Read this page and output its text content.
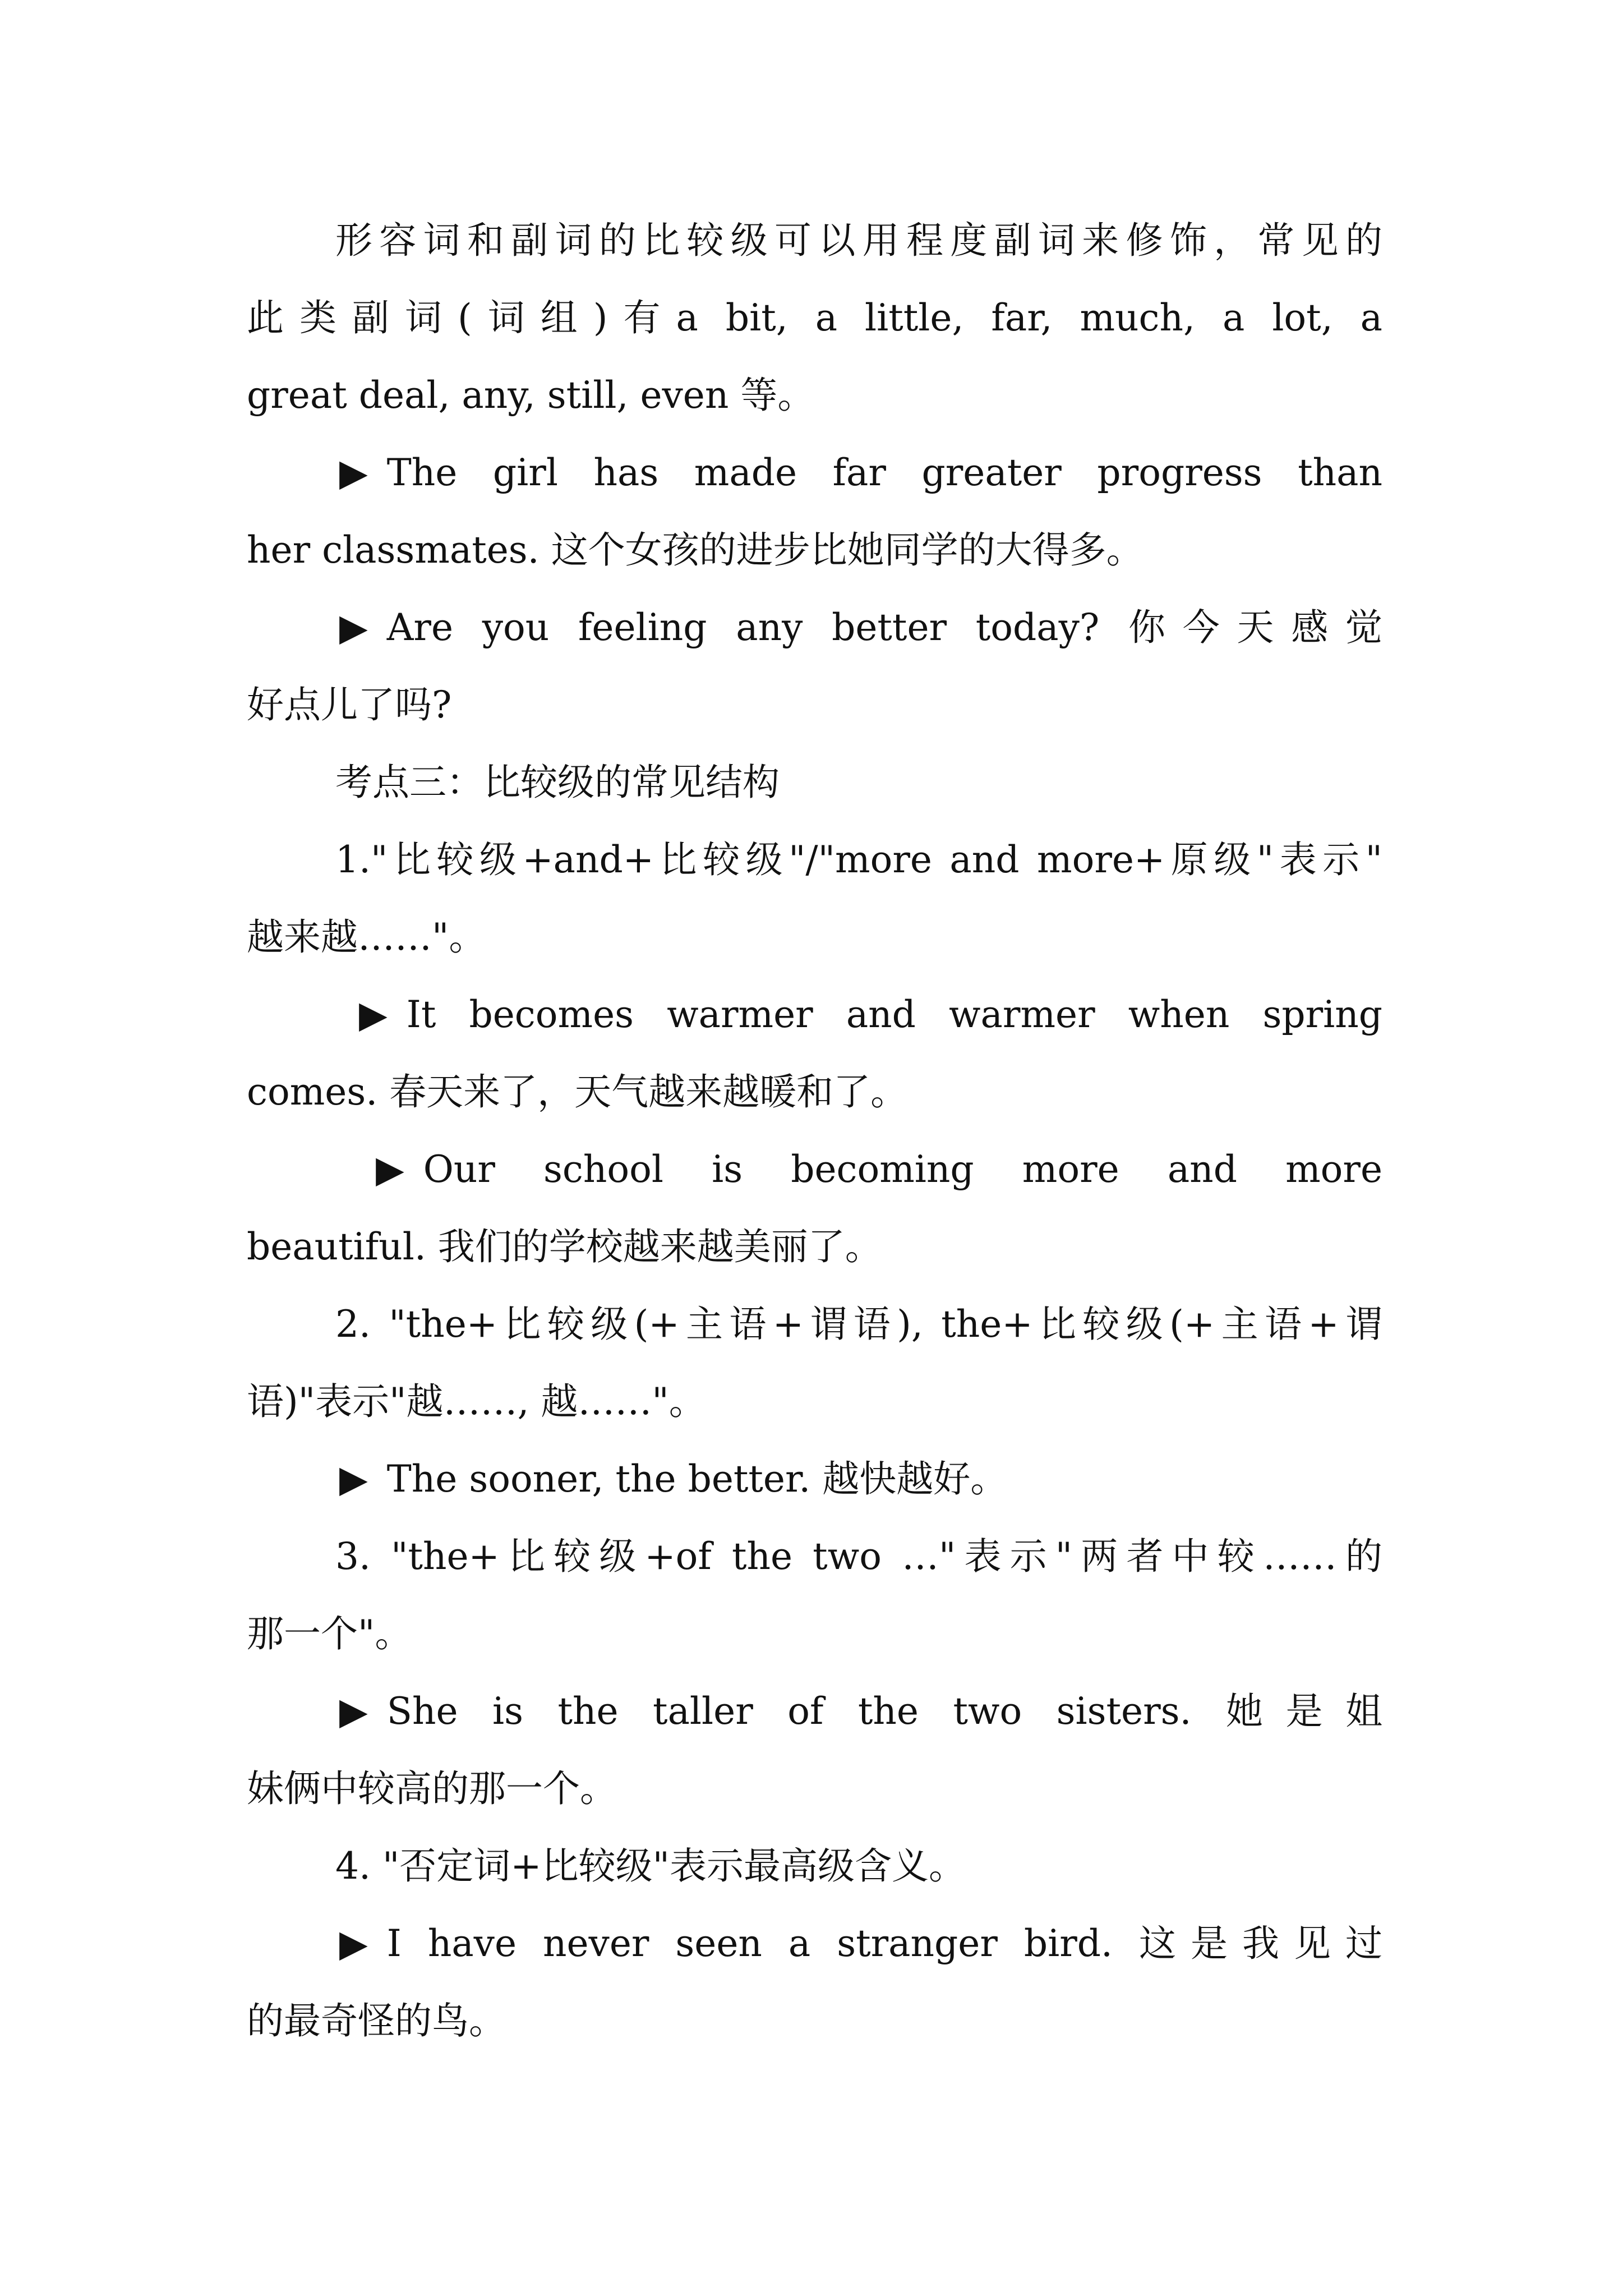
形容词和副词的比较级可以用程度副词来修饰，常见的
此类副词(词组)有a bit, a little, far, much, a lot, a
great deal, any, still, even 等。
▶ The girl has made far greater progress than
her classmates. 这个女孩的进步比她同学的大得多。
▶ Are you feeling any better today? 你今天感觉
好点儿了吗?
考点三：比较级的常见结构
1."比较级+and+比较级"/"more and more+原级"表示"
越来越……"。
▶ It becomes warmer and warmer when spring
comes. 春天来了，天气越来越暖和了。
▶ Our school is becoming more and more
beautiful. 我们的学校越来越美丽了。
2. "the+比较级(+主语+谓语), the+比较级(+主语+谓
语)"表示"越……, 越……"。
▶ The sooner, the better. 越快越好。
3. "the+比较级+of the two …"表示"两者中较……的
那一个"。
▶ She is the taller of the two sisters. 她是姐
妹俩中较高的那一个。
4. "否定词+比较级"表示最高级含义。
▶ I have never seen a stranger bird. 这是我见过
的最奇怪的鸟。
